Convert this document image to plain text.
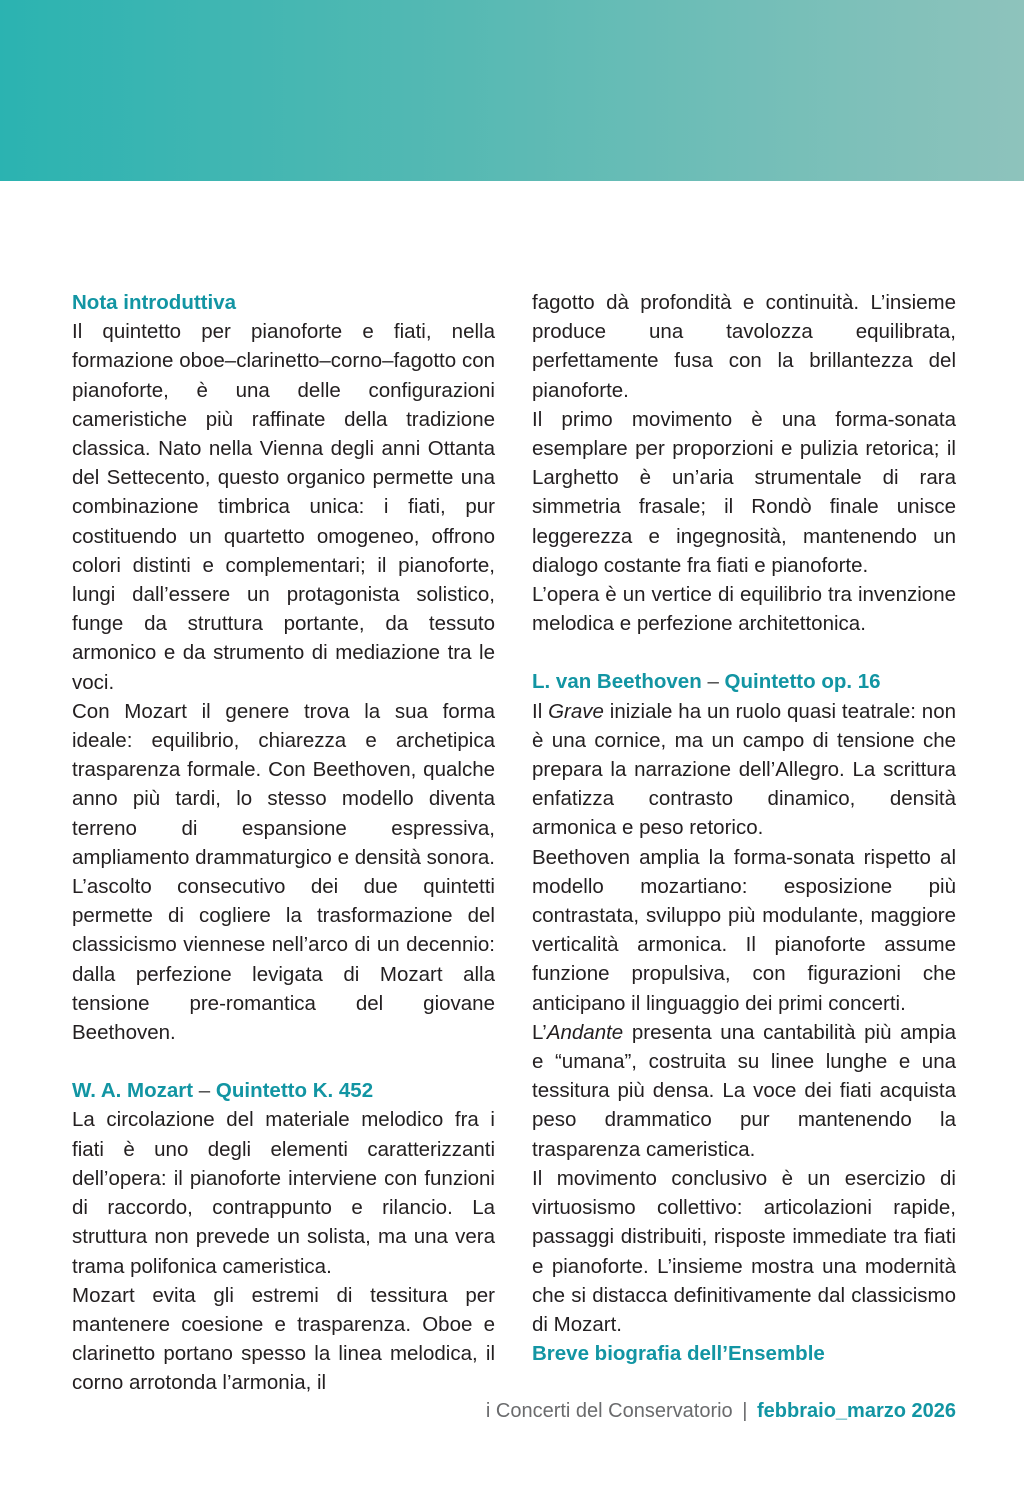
Nota introduttiva

Il quintetto per pianoforte e fiati, nella formazione oboe–clarinetto–corno–fagotto con pianoforte, è una delle configurazioni cameristiche più raffinate della tradizione classica. Nato nella Vienna degli anni Ottanta del Settecento, questo organico permette una combinazione timbrica unica: i fiati, pur costituendo un quartetto omogeneo, offrono colori distinti e complementari; il pianoforte, lungi dall’essere un protagonista solistico, funge da struttura portante, da tessuto armonico e da strumento di mediazione tra le voci.

Con Mozart il genere trova la sua forma ideale: equilibrio, chiarezza e archetipica trasparenza formale. Con Beethoven, qualche anno più tardi, lo stesso modello diventa terreno di espansione espressiva, ampliamento drammaturgico e densità sonora. L’ascolto consecutivo dei due quintetti permette di cogliere la trasformazione del classicismo viennese nell’arco di un decennio: dalla perfezione levigata di Mozart alla tensione pre-romantica del giovane Beethoven.

W. A. Mozart – Quintetto K. 452

La circolazione del materiale melodico fra i fiati è uno degli elementi caratterizzanti dell’opera: il pianoforte interviene con funzioni di raccordo, contrappunto e rilancio. La struttura non prevede un solista, ma una vera trama polifonica cameristica.

Mozart evita gli estremi di tessitura per mantenere coesione e trasparenza. Oboe e clarinetto portano spesso la linea melodica, il corno arrotonda l’armonia, il

fagotto dà profondità e continuità. L’insieme produce una tavolozza equilibrata, perfettamente fusa con la brillantezza del pianoforte.

Il primo movimento è una forma-sonata esemplare per proporzioni e pulizia retorica; il Larghetto è un’aria strumentale di rara simmetria frasale; il Rondò finale unisce leggerezza e ingegnosità, mantenendo un dialogo costante fra fiati e pianoforte.

L’opera è un vertice di equilibrio tra invenzione melodica e perfezione architettonica.

L. van Beethoven – Quintetto op. 16

Il Grave iniziale ha un ruolo quasi teatrale: non è una cornice, ma un campo di tensione che prepara la narrazione dell’Allegro. La scrittura enfatizza contrasto dinamico, densità armonica e peso retorico.

Beethoven amplia la forma-sonata rispetto al modello mozartiano: esposizione più contrastata, sviluppo più modulante, maggiore verticalità armonica. Il pianoforte assume funzione propulsiva, con figurazioni che anticipano il linguaggio dei primi concerti.

L’Andante presenta una cantabilità più ampia e “umana”, costruita su linee lunghe e una tessitura più densa. La voce dei fiati acquista peso drammatico pur mantenendo la trasparenza cameristica.

Il movimento conclusivo è un esercizio di virtuosismo collettivo: articolazioni rapide, passaggi distribuiti, risposte immediate tra fiati e pianoforte. L’insieme mostra una modernità che si distacca definitivamente dal classicismo di Mozart.

Breve biografia dell’Ensemble
i Concerti del Conservatorio | febbraio_marzo 2026
